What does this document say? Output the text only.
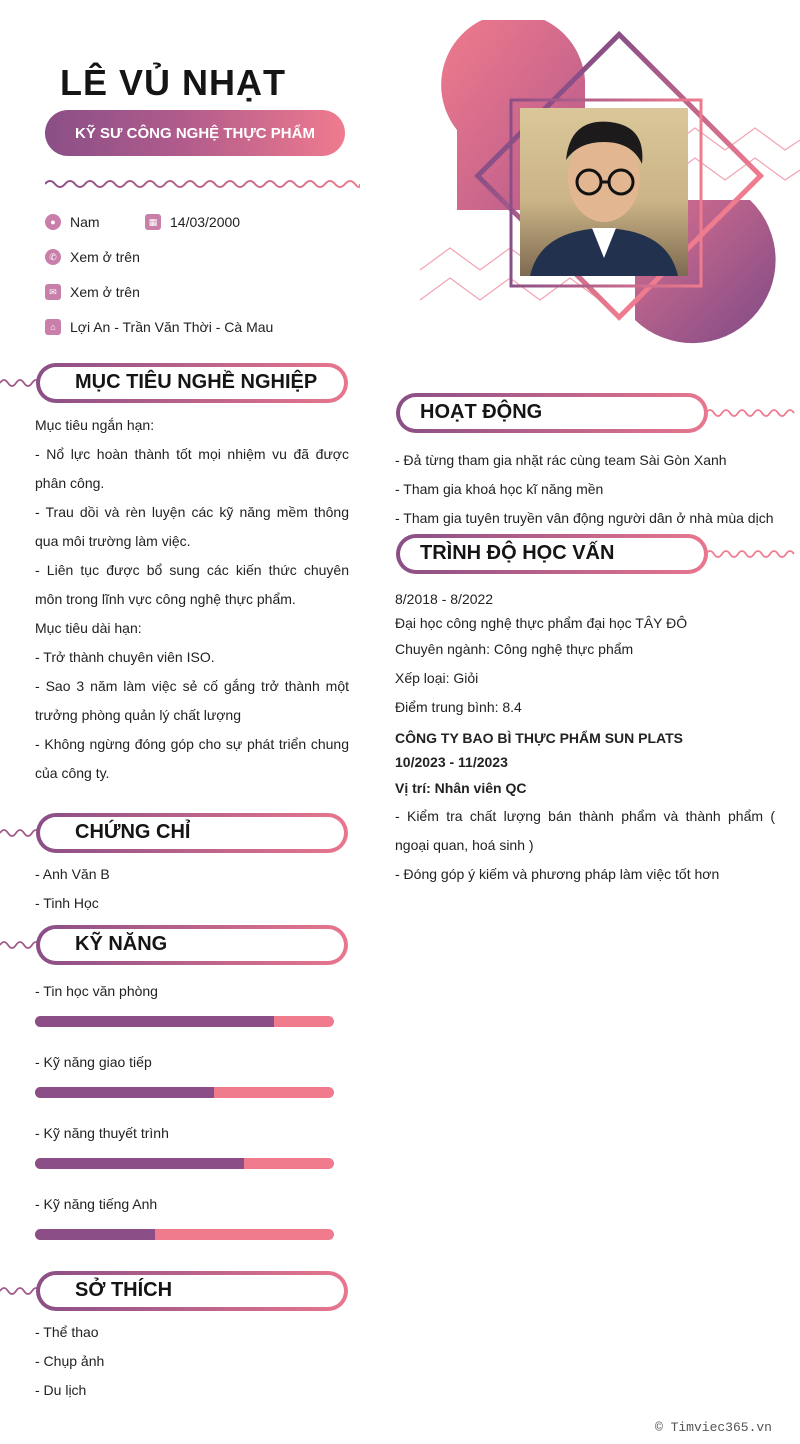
LÊ VỦ NHẠT
KỸ SƯ CÔNG NGHỆ THỰC PHẨM
●	Nam	▦ 14/03/2000
✆ Xem ở trên
✉ Xem ở trên
⌂	Lợi An - Trần Văn Thời - Cà Mau
MỤC TIÊU NGHỀ NGHIỆP
Mục tiêu ngắn hạn:
- Nổ lực hoàn thành tốt mọi nhiệm vu đã được phân công.
- Trau dồi và rèn luyện các kỹ năng mềm thông qua môi trường làm việc.
- Liên tục được bổ sung các kiến thức chuyên môn trong lĩnh vực công nghệ thực phẩm.
Mục tiêu dài hạn:
- Trở thành chuyên viên ISO.
- Sao 3 năm làm việc sẻ cố gắng trở thành một trưởng phòng quản lý chất lượng
- Không ngừng đóng góp cho sự phát triển chung của công ty.
CHỨNG CHỈ
- Anh Văn B
- Tinh Học
KỸ NĂNG
- Tin học văn phòng
- Kỹ năng giao tiếp
- Kỹ năng thuyết trình
- Kỹ năng tiếng Anh
SỞ THÍCH
- Thể thao
- Chụp ảnh
- Du lịch
HOẠT ĐỘNG
- Đả từng tham gia nhặt rác cùng team Sài Gòn Xanh
- Tham gia khoá học kĩ năng mền
- Tham gia tuyên truyền vân động người dân ở nhà mùa dịch
TRÌNH ĐỘ HỌC VẤN
8/2018 - 8/2022
Đại học công nghệ thực phẩm đại học TÂY ĐÔ
Chuyên ngành: Công nghệ thực phẩm
Xếp loại: Giỏi
Điểm trung bình: 8.4
CÔNG TY BAO BÌ THỰC PHẨM SUN PLATS
10/2023 - 11/2023
Vị trí: Nhân viên QC
- Kiểm tra chất lượng bán thành phẩm và thành phẩm ( ngoại quan, hoá sinh )
- Đóng góp ý kiếm và phương pháp làm việc tốt hơn
© Timviec365.vn
